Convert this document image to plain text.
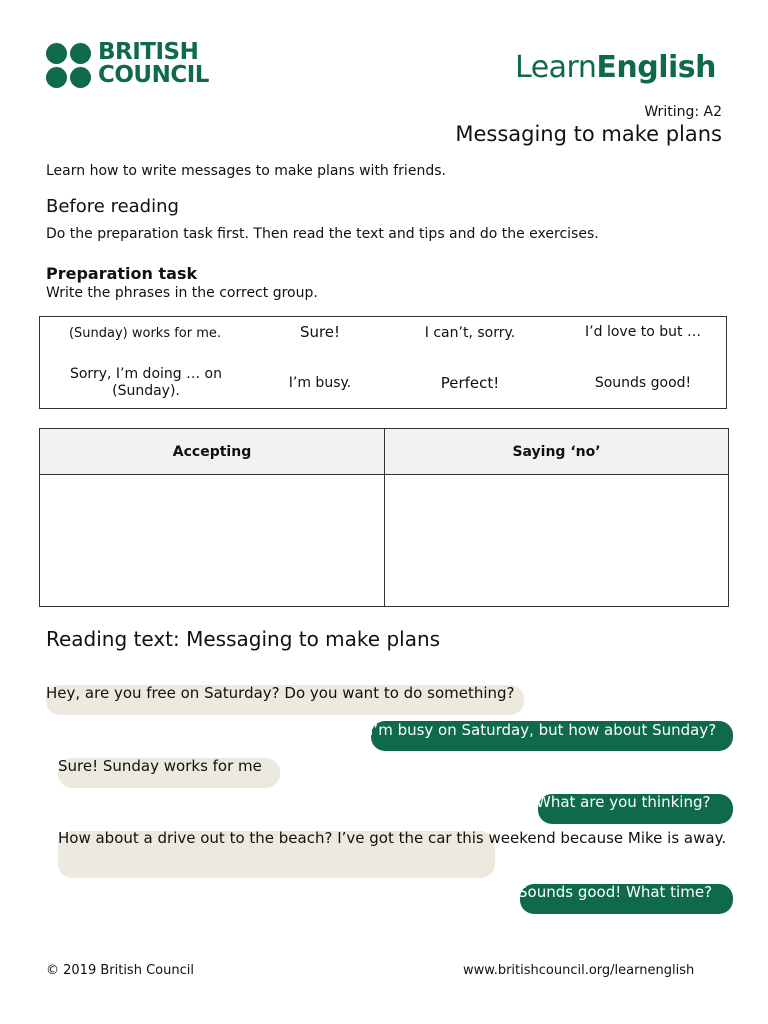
BRITISH
COUNCIL	LearnEnglish
Writing: A2
Messaging to make plans
Learn how to write messages to make plans with friends.
Before reading
Do the preparation task first. Then read the text and tips and do the exercises.
Preparation task
Write the phrases in the correct group.
(Sunday) works for me.	Sure!	I can’t, sorry.	I’d love to but …
Sorry, I’m doing … on (Sunday).	I’m busy.	Perfect!	Sounds good!
Accepting	Saying ‘no’
Reading text: Messaging to make plans
Hey, are you free on Saturday? Do you want to do something?
I’m busy on Saturday, but how about Sunday?
Sure! Sunday works for me
What are you thinking?
How about a drive out to the beach? I’ve got the car this weekend because Mike is away.
Sounds good! What time?
© 2019 British Council	www.britishcouncil.org/learnenglish
